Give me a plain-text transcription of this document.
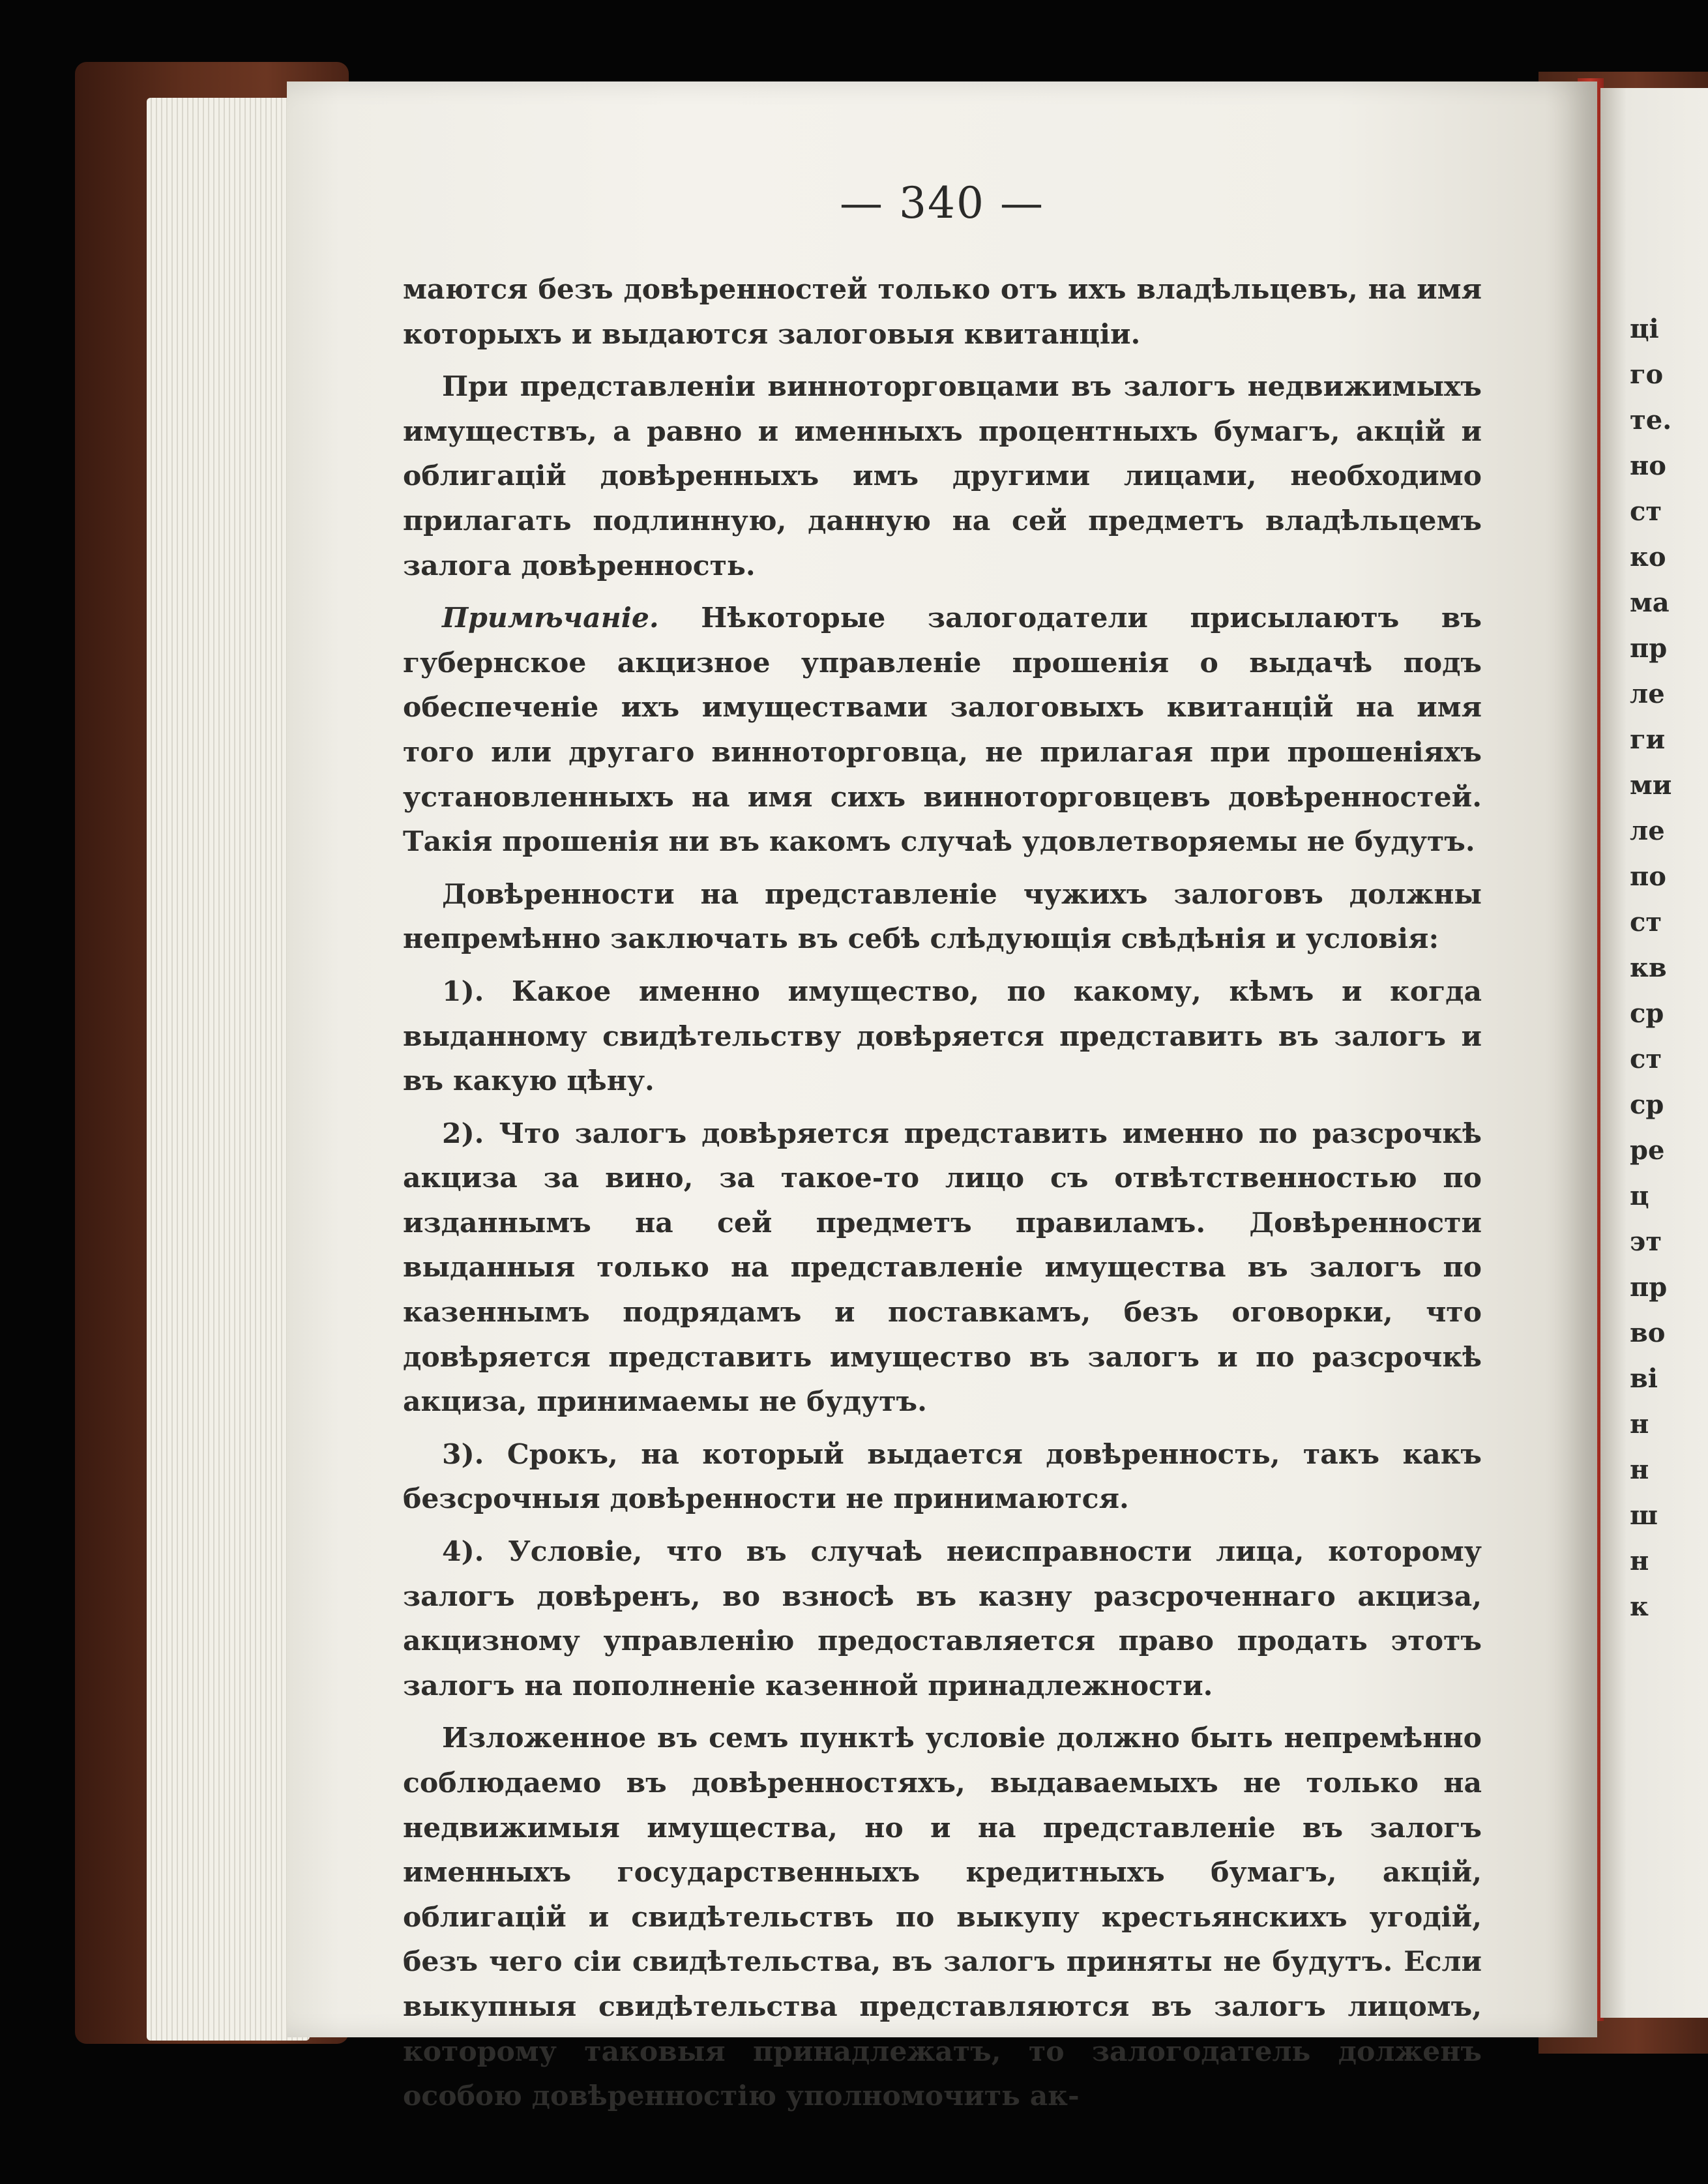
— 340 —

маются безъ довѣренностей только отъ ихъ владѣльцевъ, на имя которыхъ и выдаются залоговыя квитанціи.

При представленіи винноторговцами въ залогъ недвижимыхъ имуществъ, а равно и именныхъ процентныхъ бумагъ, акцій и облигацій довѣренныхъ имъ другими лицами, необходимо прилагать подлинную, данную на сей предметъ владѣльцемъ залога довѣренность.

Примѣчаніе. Нѣкоторые залогодатели присылаютъ въ губернское акцизное управленіе прошенія о выдачѣ подъ обеспеченіе ихъ имуществами залоговыхъ квитанцій на имя того или другаго винноторговца, не прилагая при прошеніяхъ установленныхъ на имя сихъ винноторговцевъ довѣренностей. Такія прошенія ни въ какомъ случаѣ удовлетворяемы не будутъ.

Довѣренности на представленіе чужихъ залоговъ должны непремѣнно заключать въ себѣ слѣдующія свѣдѣнія и условія:

1). Какое именно имущество, по какому, кѣмъ и когда выданному свидѣтельству довѣряется представить въ залогъ и въ какую цѣну.

2). Что залогъ довѣряется представить именно по разсрочкѣ акциза за вино, за такое-то лицо съ отвѣтственностью по изданнымъ на сей предметъ правиламъ. Довѣренности выданныя только на представленіе имущества въ залогъ по казеннымъ подрядамъ и поставкамъ, безъ оговорки, что довѣряется представить имущество въ залогъ и по разсрочкѣ акциза, принимаемы не будутъ.

3). Срокъ, на который выдается довѣренность, такъ какъ безсрочныя довѣренности не принимаются.

4). Условіе, что въ случаѣ неисправности лица, которому залогъ довѣренъ, во взносѣ въ казну разсроченнаго акциза, акцизному управленію предоставляется право продать этотъ залогъ на пополненіе казенной принадлежности.

Изложенное въ семъ пунктѣ условіе должно быть непремѣнно соблюдаемо въ довѣренностяхъ, выдаваемыхъ не только на недвижимыя имущества, но и на представленіе въ залогъ именныхъ государственныхъ кредитныхъ бумагъ, акцій, облигацій и свидѣтельствъ по выкупу крестьянскихъ угодій, безъ чего сіи свидѣтельства, въ залогъ приняты не будутъ. Если выкупныя свидѣтельства представляются въ залогъ лицомъ, которому таковыя принадлежатъ, то залогодатель долженъ особою довѣренностію уполномочить ак-

ці
го
те.
но
ст
ко
ма
пр
ле
ги
ми
ле
по
ст
кв
ср
ст
ср
ре
ц
эт
пр
во
ві
н
н
ш
н
к
